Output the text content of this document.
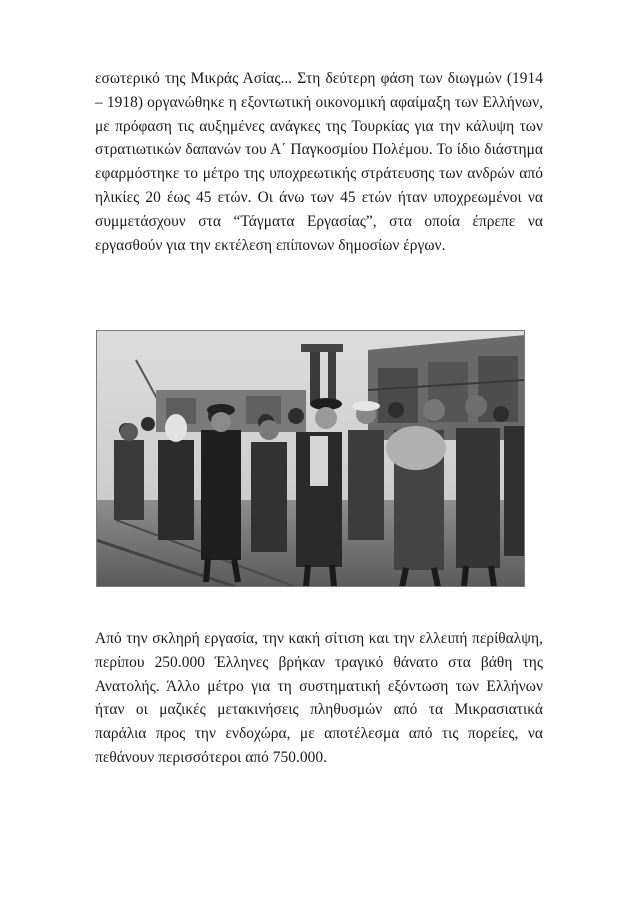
εσωτερικό της Μικράς Ασίας... Στη δεύτερη φάση των διωγμών (1914 – 1918) οργανώθηκε η εξοντωτική οικονομική αφαίμαξη των Ελλήνων, με πρόφαση τις αυξημένες ανάγκες της Τουρκίας για την κάλυψη των στρατιωτικών δαπανών του Α΄ Παγκοσμίου Πολέμου. Το ίδιο διάστημα εφαρμόστηκε το μέτρο της υποχρεωτικής στράτευσης των ανδρών από ηλικίες 20 έως 45 ετών. Οι άνω των 45 ετών ήταν υποχρεωμένοι να συμμετάσχουν στα “Τάγματα Εργασίας”, στα οποία έπρεπε να εργασθούν για την εκτέλεση επίπονων δημοσίων έργων.

Από την σκληρή εργασία, την κακή σίτιση και την ελλειπή περίθαλψη, περίπου 250.000 Έλληνες βρήκαν τραγικό θάνατο στα βάθη της Ανατολής. Άλλο μέτρο για τη συστηματική εξόντωση των Ελλήνων ήταν οι μαζικές μετακινήσεις πληθυσμών από τα Μικρασιατικά παράλια προς την ενδοχώρα, με αποτέλεσμα από τις πορείες, να πεθάνουν περισσότεροι από 750.000.
